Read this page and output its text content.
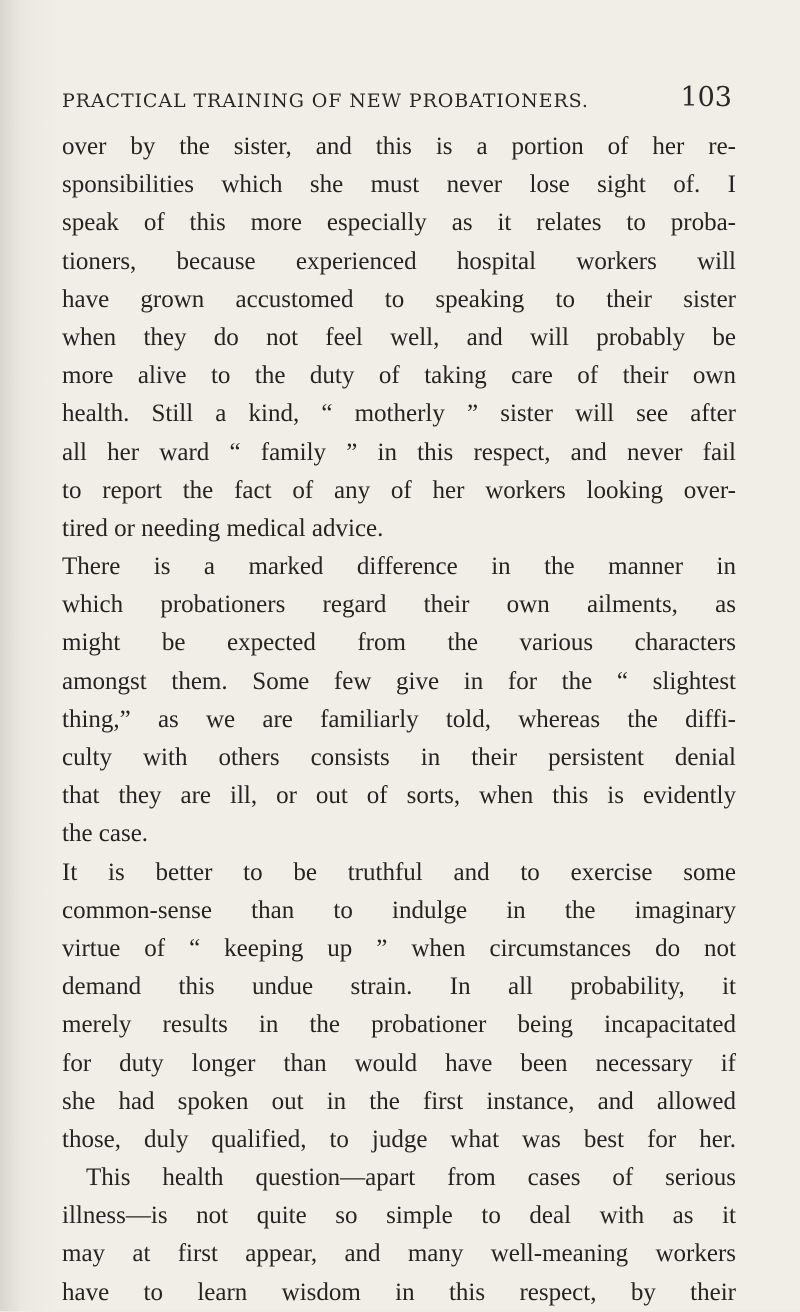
PRACTICAL TRAINING OF NEW PROBATIONERS.	103
over by the sister, and this is a portion of her re-
sponsibilities which she must never lose sight of. I
speak of this more especially as it relates to proba-
tioners, because experienced hospital workers will
have grown accustomed to speaking to their sister
when they do not feel well, and will probably be
more alive to the duty of taking care of their own
health. Still a kind, “ motherly ” sister will see after
all her ward “ family ” in this respect, and never fail
to report the fact of any of her workers looking over-
tired or needing medical advice.
There is a marked difference in the manner in
which probationers regard their own ailments, as
might be expected from the various characters
amongst them. Some few give in for the “ slightest
thing,” as we are familiarly told, whereas the diffi-
culty with others consists in their persistent denial
that they are ill, or out of sorts, when this is evidently
the case.
It is better to be truthful and to exercise some
common-sense than to indulge in the imaginary
virtue of “ keeping up ” when circumstances do not
demand this undue strain. In all probability, it
merely results in the probationer being incapacitated
for duty longer than would have been necessary if
she had spoken out in the first instance, and allowed
those, duly qualified, to judge what was best for her.
This health question—apart from cases of serious
illness—is not quite so simple to deal with as it
may at first appear, and many well-meaning workers
have to learn wisdom in this respect, by their
